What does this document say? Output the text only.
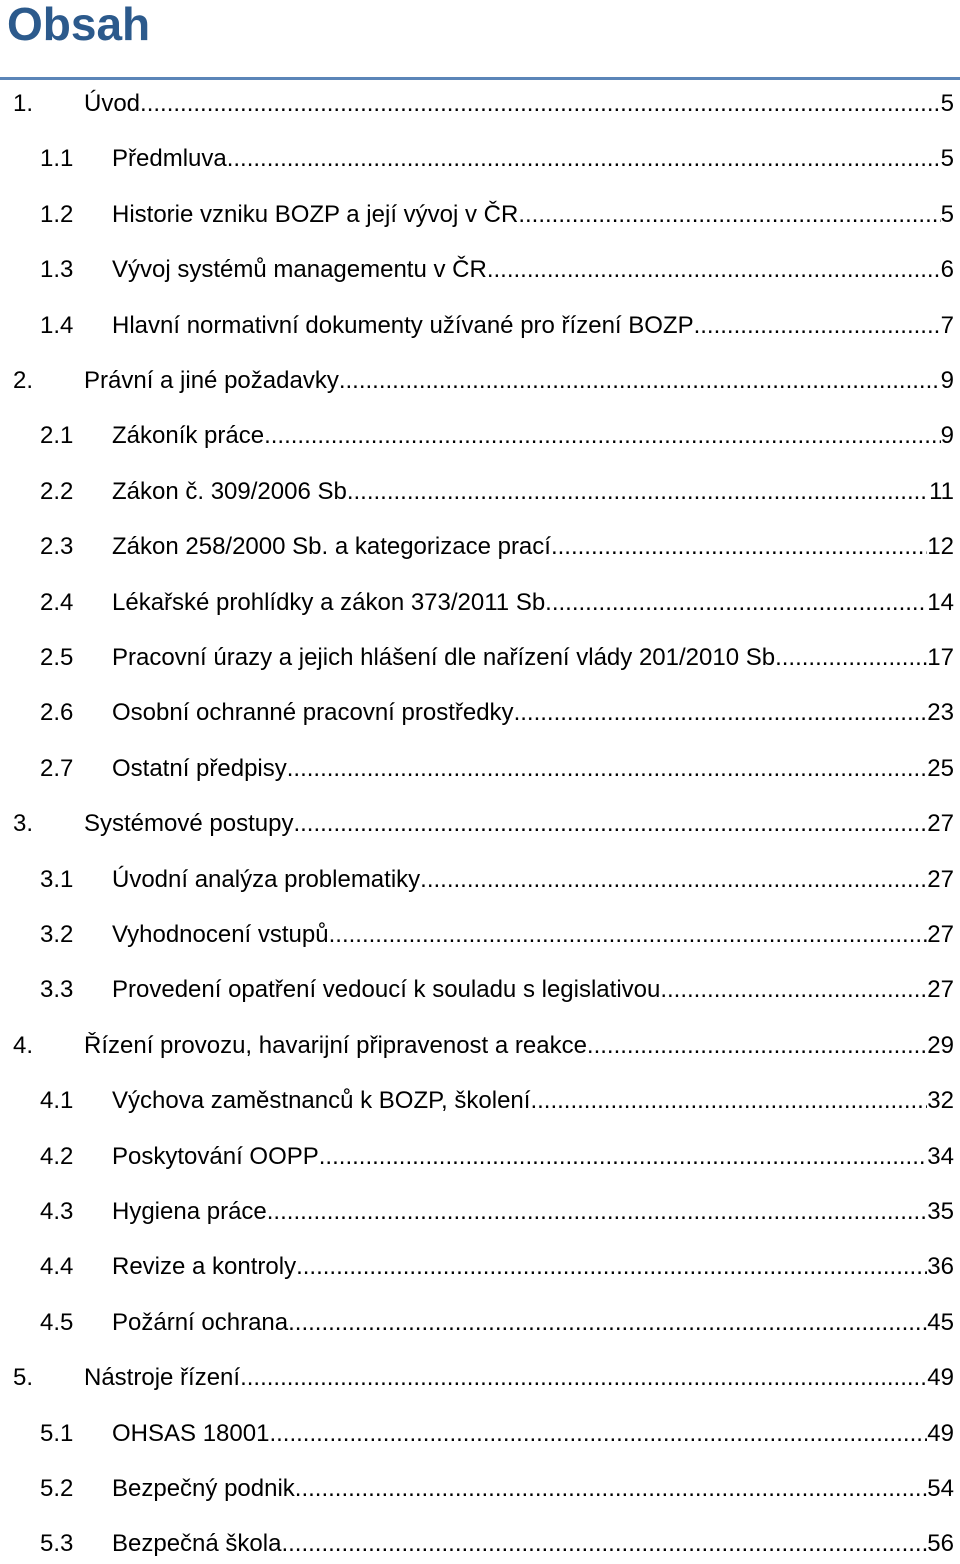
Obsah
1. Úvod .....	5
1.1 Předmluva .....	5
1.2 Historie vzniku BOZP a její vývoj v ČR .....	5
1.3 Vývoj systémů managementu v ČR .....	6
1.4 Hlavní normativní dokumenty užívané pro řízení BOZP .....	7
2. Právní a jiné požadavky .....	9
2.1 Zákoník práce .....	9
2.2 Zákon č. 309/2006 Sb. .....	11
2.3 Zákon 258/2000 Sb. a kategorizace prací .....	12
2.4 Lékařské prohlídky a zákon 373/2011 Sb. .....	14
2.5 Pracovní úrazy a jejich hlášení dle nařízení vlády 201/2010 Sb. .....	17
2.6 Osobní ochranné pracovní prostředky .....	23
2.7 Ostatní předpisy .....	25
3. Systémové postupy .....	27
3.1 Úvodní analýza problematiky .....	27
3.2 Vyhodnocení vstupů .....	27
3.3 Provedení opatření vedoucí k souladu s legislativou .....	27
4. Řízení provozu, havarijní připravenost a reakce .....	29
4.1 Výchova zaměstnanců k BOZP, školení .....	32
4.2 Poskytování OOPP .....	34
4.3 Hygiena práce .....	35
4.4 Revize a kontroly .....	36
4.5 Požární ochrana .....	45
5. Nástroje řízení .....	49
5.1 OHSAS 18001 .....	49
5.2 Bezpečný podnik .....	54
5.3 Bezpečná škola .....	56
